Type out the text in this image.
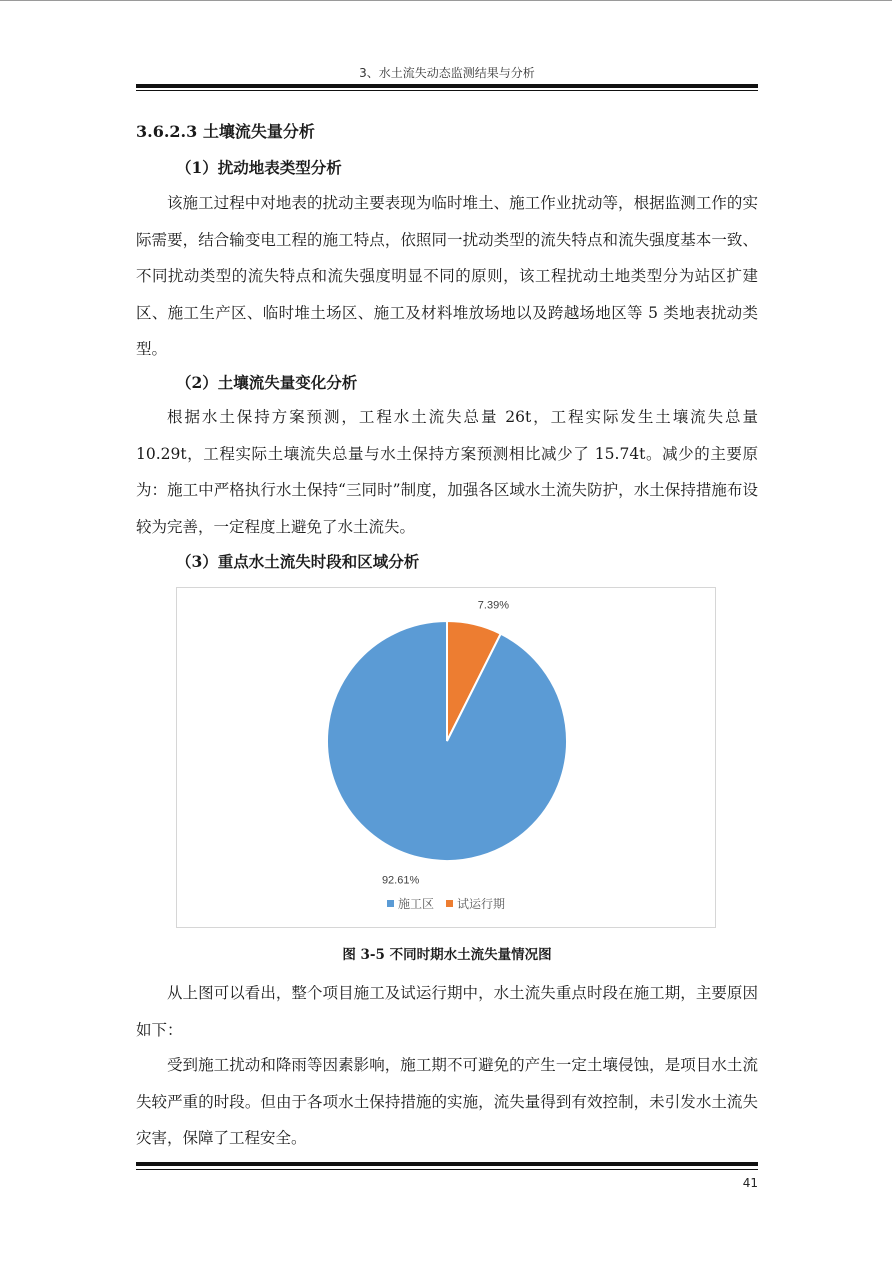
3、水土流失动态监测结果与分析
3.6.2.3 土壤流失量分析
（1）扰动地表类型分析

该施工过程中对地表的扰动主要表现为临时堆土、施工作业扰动等，根据监测工作的实际需要，结合输变电工程的施工特点，依照同一扰动类型的流失特点和流失强度基本一致、不同扰动类型的流失特点和流失强度明显不同的原则，该工程扰动土地类型分为站区扩建区、施工生产区、临时堆土场区、施工及材料堆放场地以及跨越场地区等 5 类地表扰动类型。

（2）土壤流失量变化分析

根据水土保持方案预测，工程水土流失总量 26t，工程实际发生土壤流失总量 10.29t，工程实际土壤流失总量与水土保持方案预测相比减少了 15.74t。减少的主要原为：施工中严格执行水土保持“三同时”制度，加强各区域水土流失防护，水土保持措施布设较为完善，一定程度上避免了水土流失。

（3）重点水土流失时段和区域分析
7.39%
92.61%
施工区 试运行期
图 3-5 不同时期水土流失量情况图

从上图可以看出，整个项目施工及试运行期中，水土流失重点时段在施工期，主要原因如下：

受到施工扰动和降雨等因素影响，施工期不可避免的产生一定土壤侵蚀，是项目水土流失较严重的时段。但由于各项水土保持措施的实施，流失量得到有效控制，未引发水土流失灾害，保障了工程安全。

41
